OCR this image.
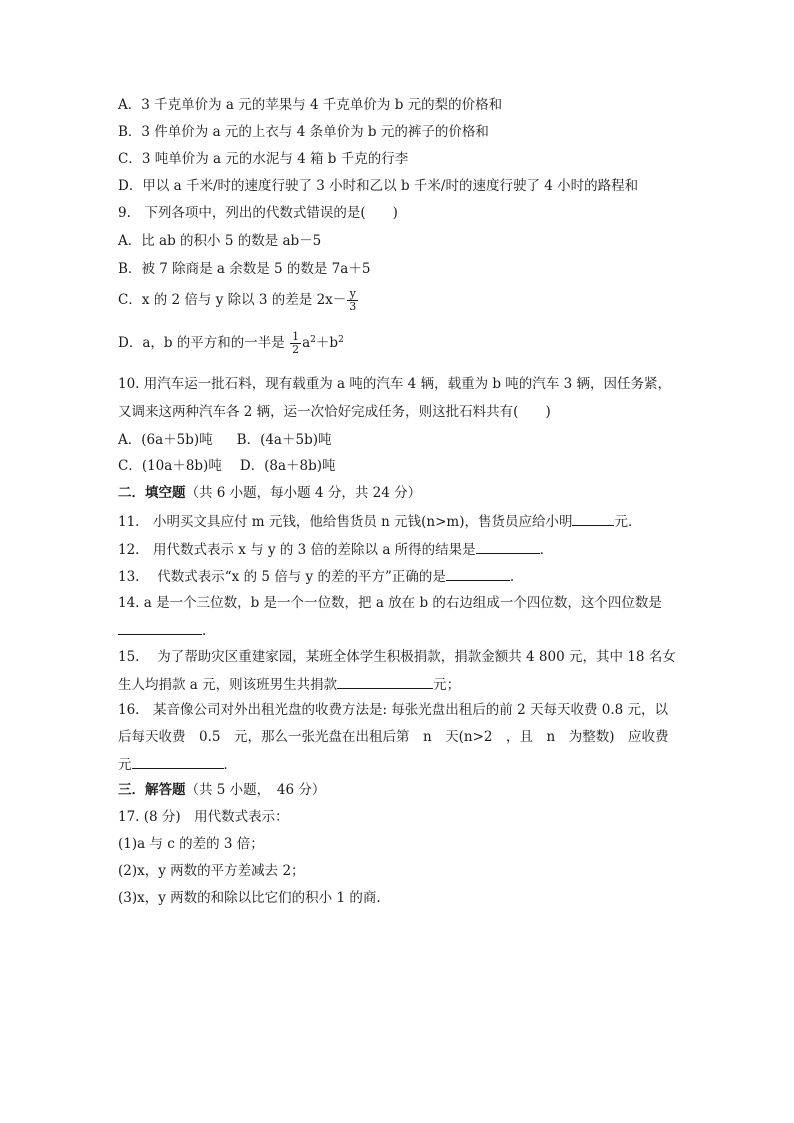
A．3 千克单价为 a 元的苹果与 4 千克单价为 b 元的梨的价格和
B．3 件单价为 a 元的上衣与 4 条单价为 b 元的裤子的价格和
C．3 吨单价为 a 元的水泥与 4 箱 b 千克的行李
D．甲以 a 千米/时的速度行驶了 3 小时和乙以 b 千米/时的速度行驶了 4 小时的路程和
9.　下列各项中，列出的代数式错误的是(　　)
A．比 ab 的积小 5 的数是 ab－5
B．被 7 除商是 a 余数是 5 的数是 7a＋5
C．x 的 2 倍与 y 除以 3 的差是 $2x- \frac{y}{3}$
D．a，b 的平方和的一半是 $\frac{1}{2} a^2+b^2$
10. 用汽车运一批石料，现有载重为 a 吨的汽车 4 辆，载重为 b 吨的汽车 3 辆，因任务紧，
又调来这两种汽车各 2 辆，运一次恰好完成任务，则这批石料共有(　　)
A．(6a＋5b)吨 B．(4a＋5b)吨
C．(10a＋8b)吨 D．(8a＋8b)吨
二．填空题（共 6 小题，每小题 4 分，共 24 分）
11.　小明买文具应付 m 元钱，他给售货员 n 元钱(n>m)，售货员应给小明	元．
12.　用代数式表示 x 与 y 的 3 倍的差除以 a 所得的结果是	．
13.　 代数式表示“x 的 5 倍与 y 的差的平方”正确的是	.
14. a 是一个三位数，b 是一个一位数，把 a 放在 b 的右边组成一个四位数，这个四位数是
.
15.　 为了帮助灾区重建家园，某班全体学生积极捐款，捐款金额共 4 800 元，其中 18 名女
生人均捐款 a 元，则该班男生共捐款	元；
16.　某音像公司对外出租光盘的收费方法是: 每张光盘出租后的前 2 天每天收费 0.8 元，以
后每天收费　0.5　元，那么一张光盘在出租后第　n　天(n>2　，且　n　为整数)　应收费
元	．
三．解答题（共 5 小题，　46 分）
17. (8 分)　用代数式表示：
(1)a 与 c 的差的 3 倍；
(2)x，y 两数的平方差减去 2；
(3)x，y 两数的和除以比它们的积小 1 的商.
